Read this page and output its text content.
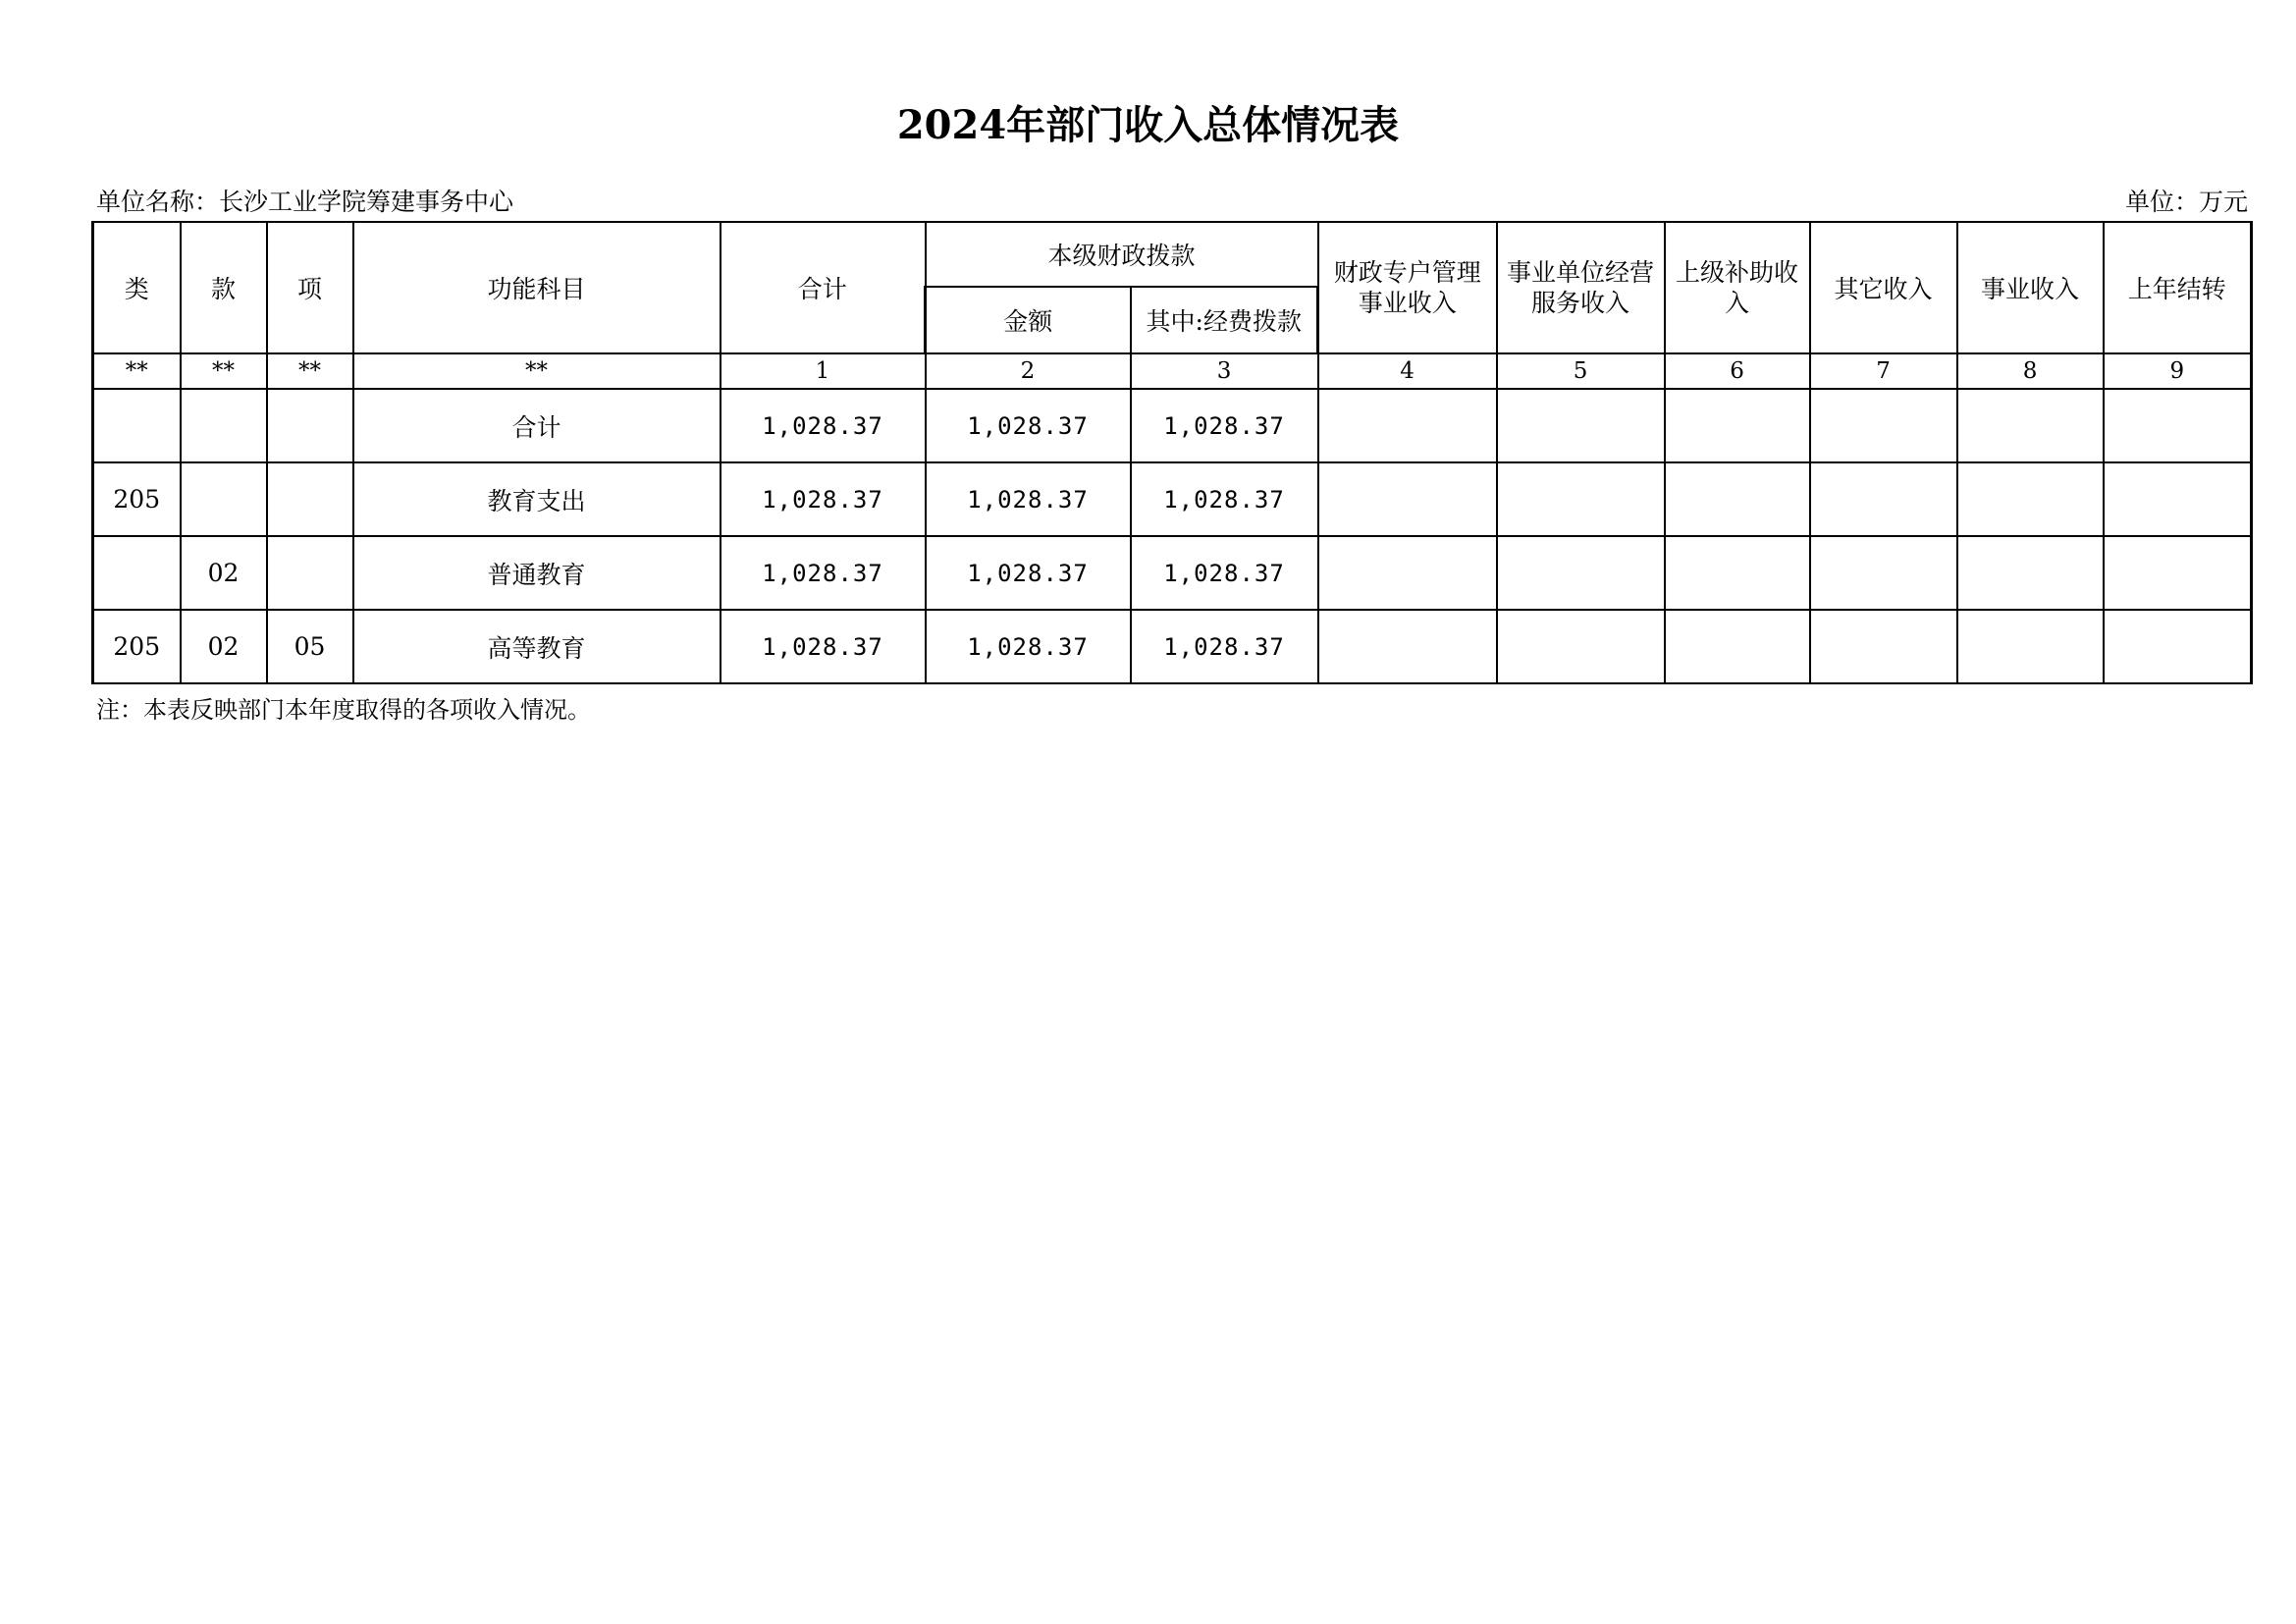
2024年部门收入总体情况表
单位名称：长沙工业学院筹建事务中心	单位：万元
类	款	项	功能科目	合计	本级财政拨款		财政专户管理事业收入	事业单位经营服务收入	上级补助收入	其它收入	事业收入	上年结转
					金额	其中:经费拨款						
**	**	**	**	1	2	3	4	5	6	7	8	9
			合计	1,028.37	1,028.37	1,028.37						
205			教育支出	1,028.37	1,028.37	1,028.37						
	02		普通教育	1,028.37	1,028.37	1,028.37						
205	02	05	高等教育	1,028.37	1,028.37	1,028.37						
注：本表反映部门本年度取得的各项收入情况。
